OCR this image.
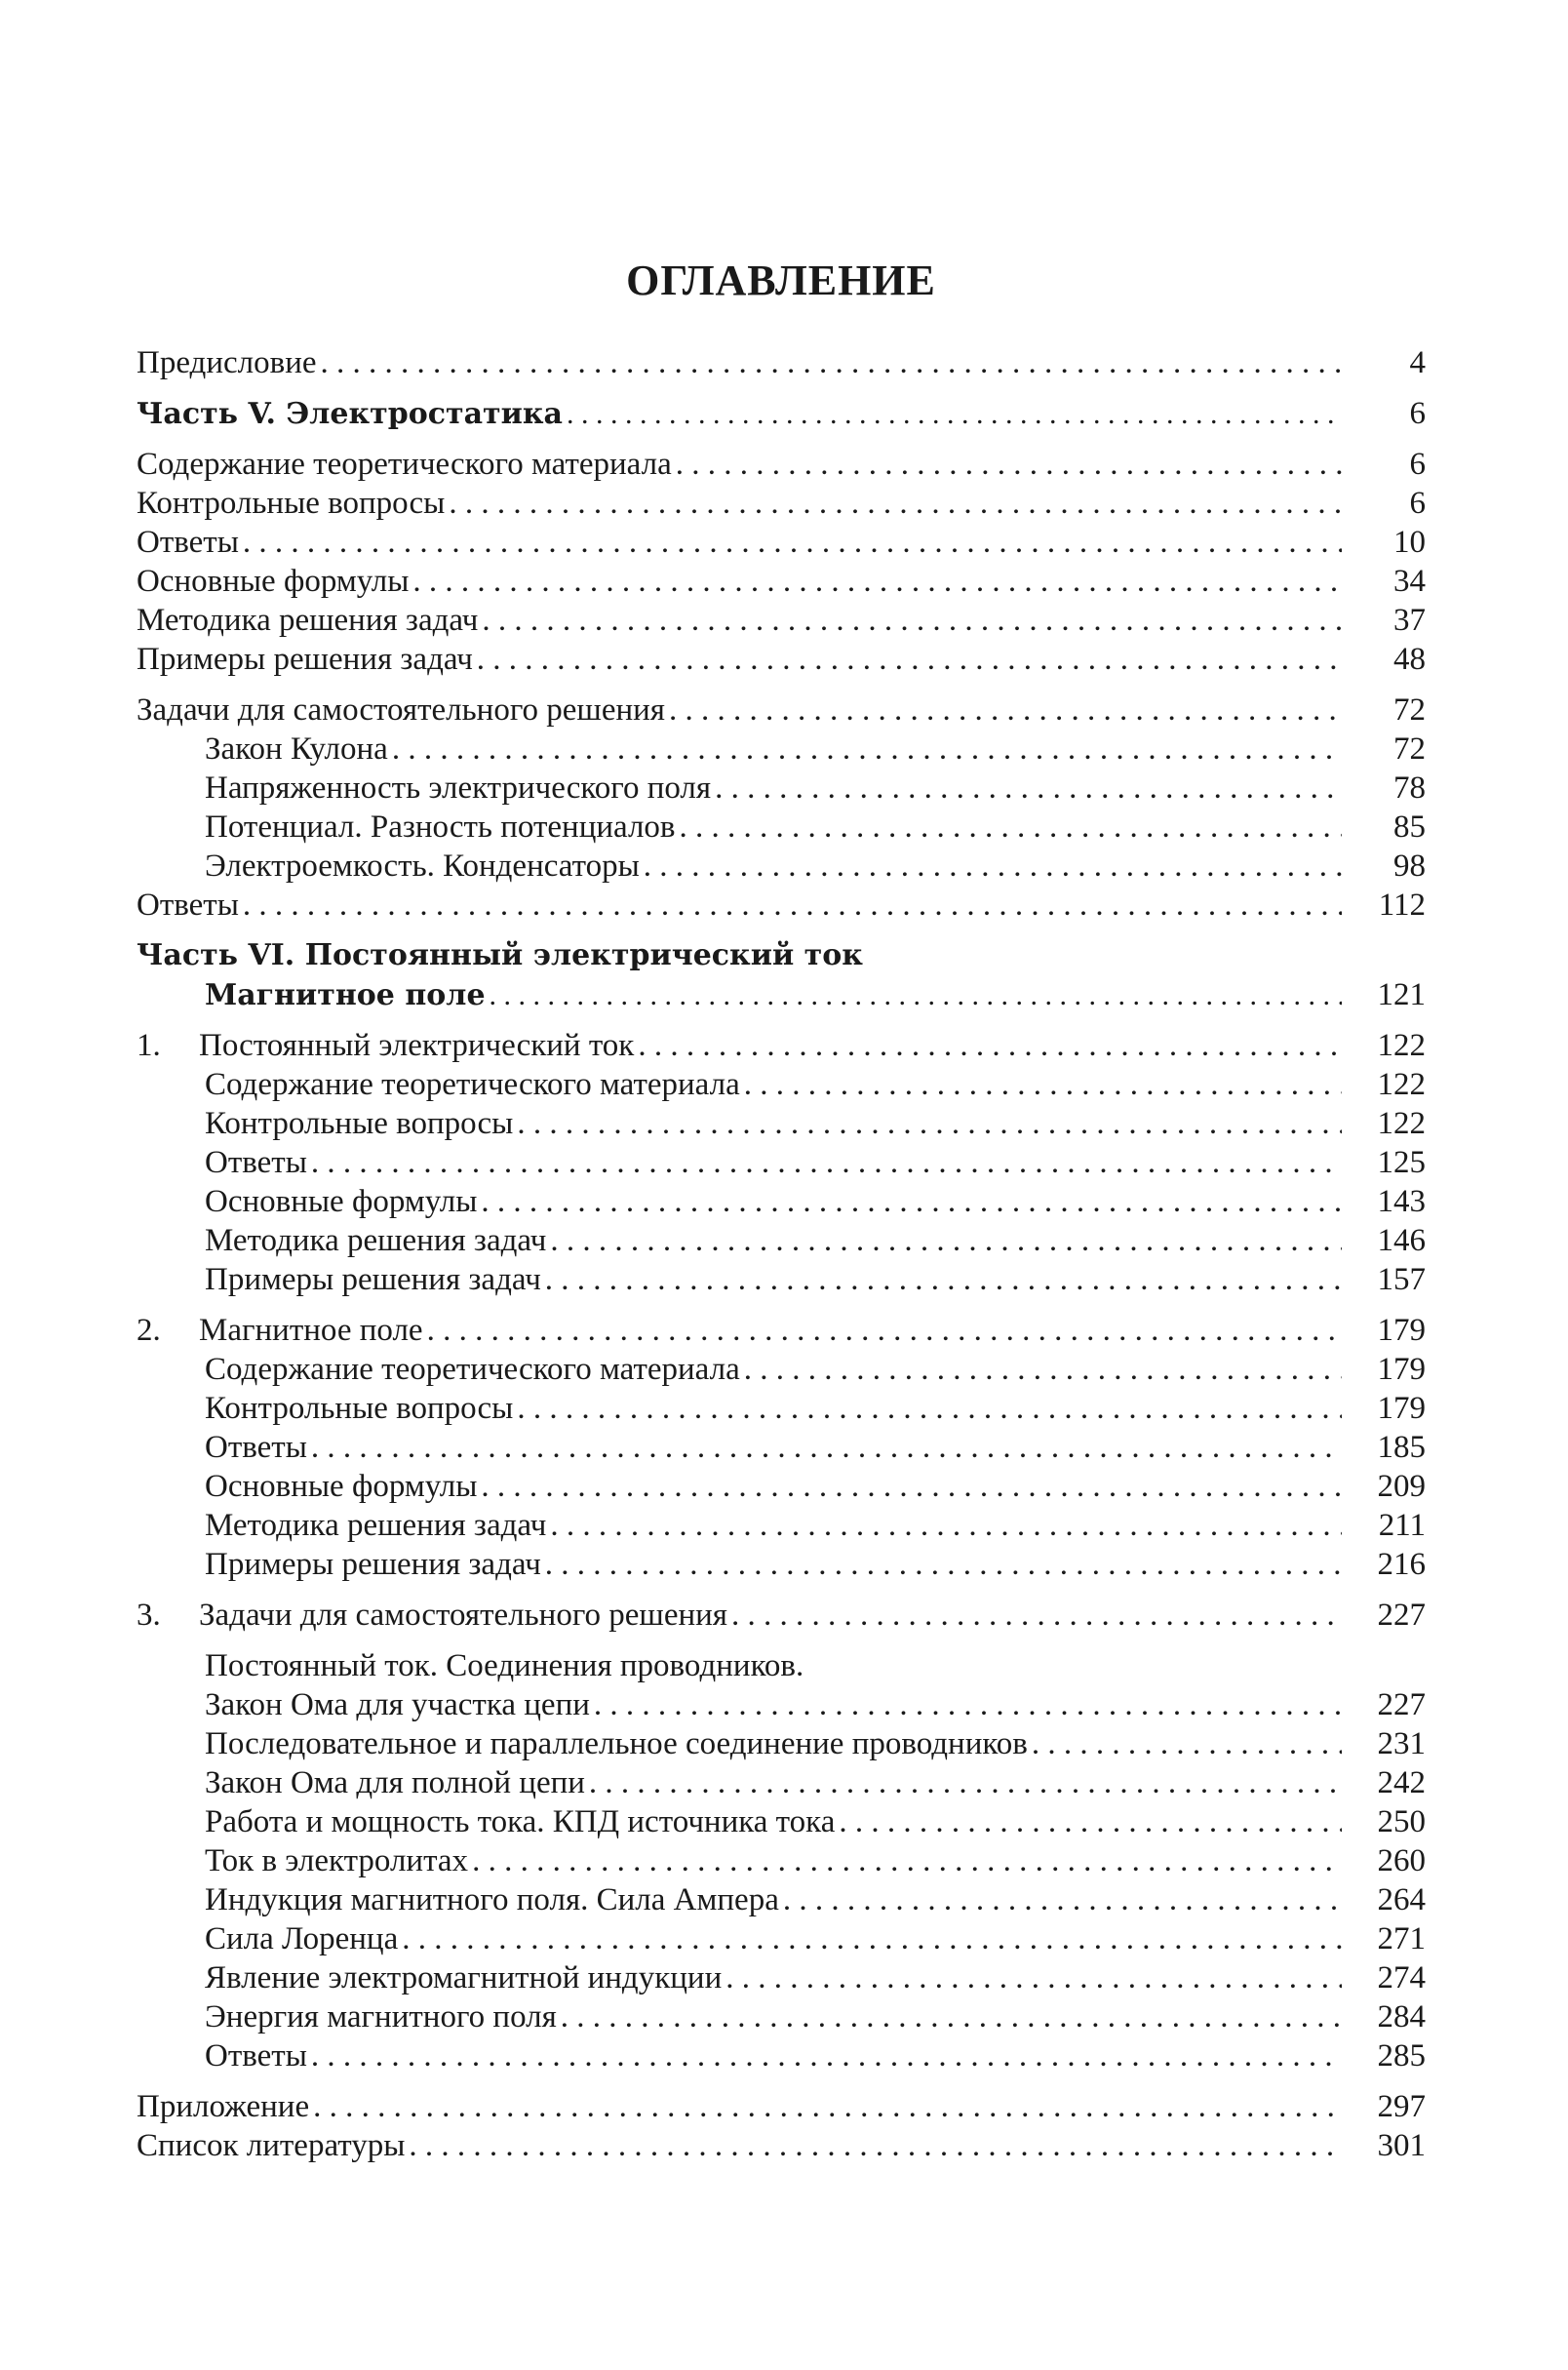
ОГЛАВЛЕНИЕ
Предисловие . . .	4
Часть V. Электростатика . . .	6
Содержание теоретического материала . . .	6
Контрольные вопросы . . .	6
Ответы . . .	10
Основные формулы . . .	34
Методика решения задач . . .	37
Примеры решения задач . . .	48
Задачи для самостоятельного решения . . .	72
Закон Кулона . . .	72
Напряженность электрического поля . . .	78
Потенциал. Разность потенциалов . . .	85
Электроемкость. Конденсаторы . . .	98
Ответы . . .	112
Часть VI. Постоянный электрический ток
Магнитное поле . . .	121
1.	Постоянный электрический ток . . .	122
Содержание теоретического материала . . .	122
Контрольные вопросы . . .	122
Ответы . . .	125
Основные формулы . . .	143
Методика решения задач . . .	146
Примеры решения задач . . .	157
2.	Магнитное поле . . .	179
Содержание теоретического материала . . .	179
Контрольные вопросы . . .	179
Ответы . . .	185
Основные формулы . . .	209
Методика решения задач . . .	211
Примеры решения задач . . .	216
3.	Задачи для самостоятельного решения . . .	227
Постоянный ток. Соединения проводников.
Закон Ома для участка цепи . . .	227
Последовательное и параллельное соединение проводников . . .	231
Закон Ома для полной цепи . . .	242
Работа и мощность тока. КПД источника тока . . .	250
Ток в электролитах . . .	260
Индукция магнитного поля. Сила Ампера . . .	264
Сила Лоренца . . .	271
Явление электромагнитной индукции . . .	274
Энергия магнитного поля . . .	284
Ответы . . .	285
Приложение . . .	297
Список литературы . . .	301
